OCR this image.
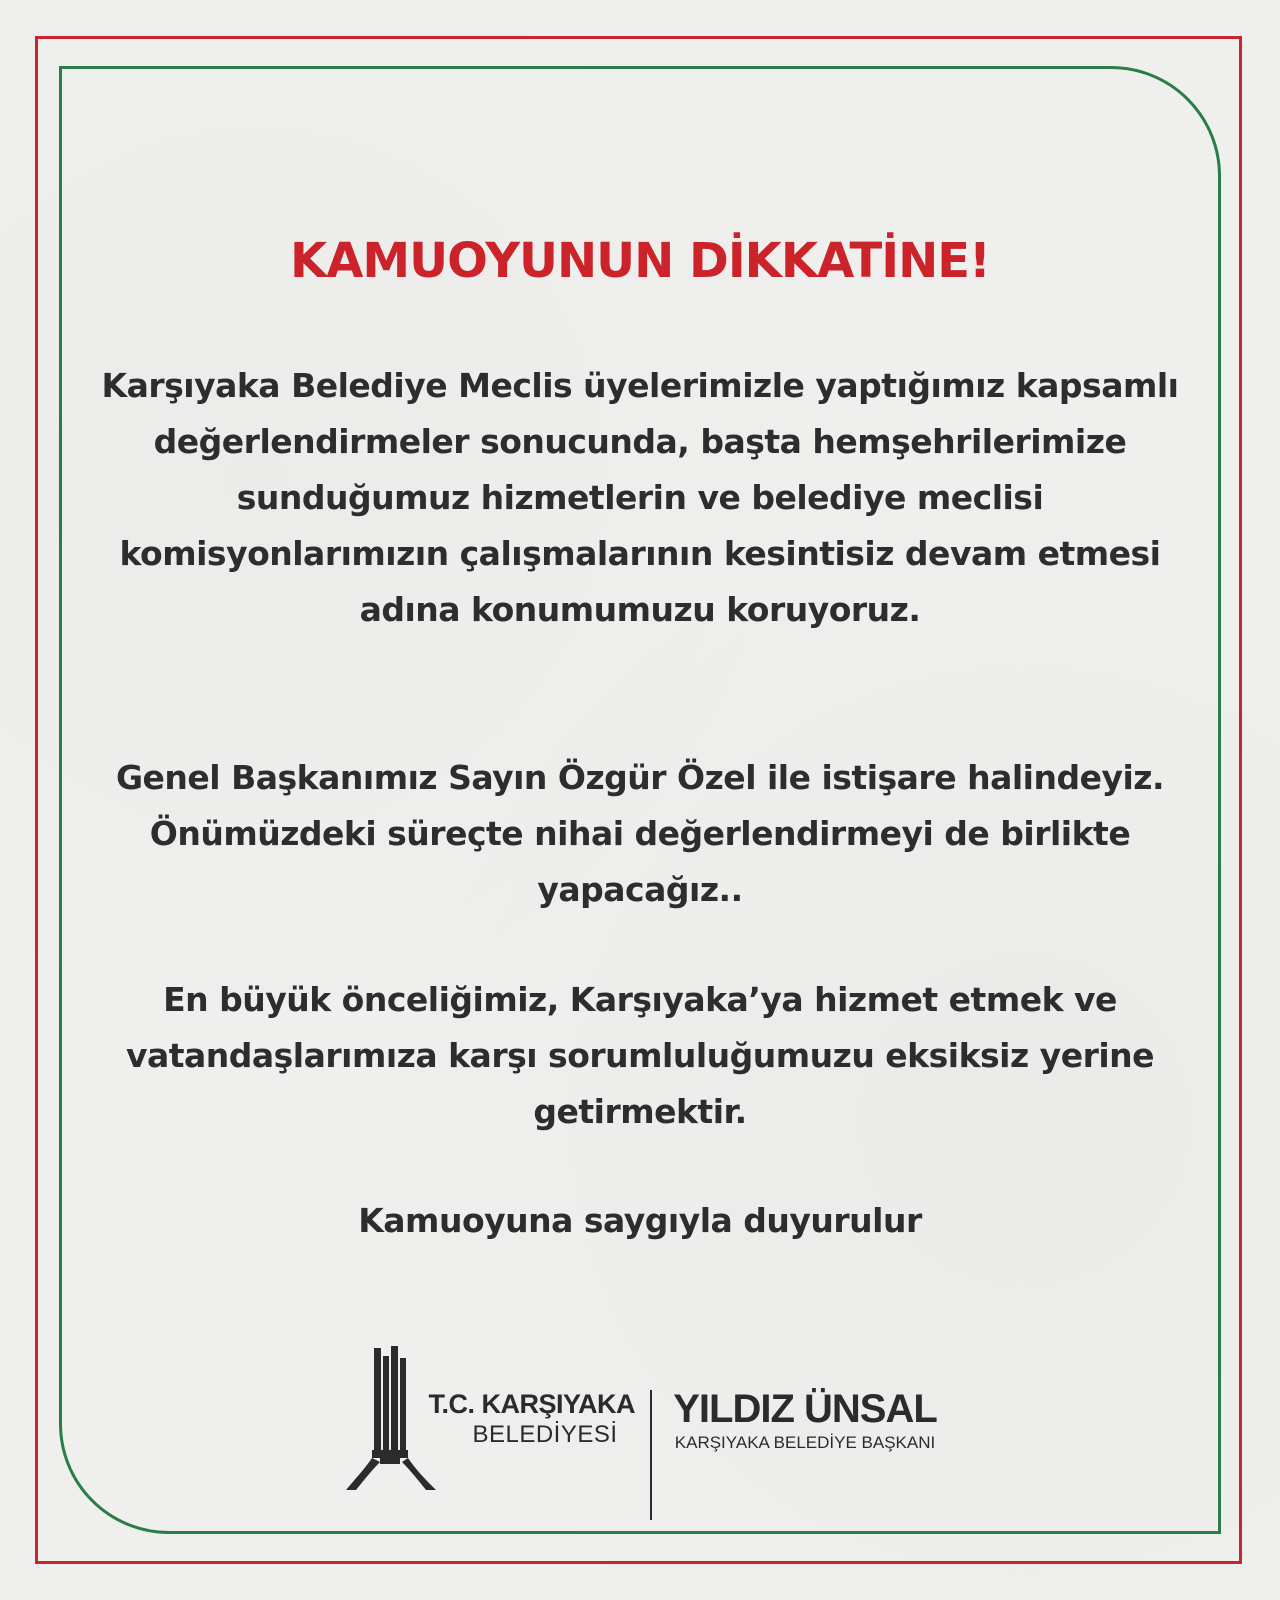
KAMUOYUNUN DİKKATİNE!

Karşıyaka Belediye Meclis üyelerimizle yaptığımız kapsamlı değerlendirmeler sonucunda, başta hemşehrilerimize sunduğumuz hizmetlerin ve belediye meclisi komisyonlarımızın çalışmalarının kesintisiz devam etmesi adına konumumuzu koruyoruz.

Genel Başkanımız Sayın Özgür Özel ile istişare halindeyiz. Önümüzdeki süreçte nihai değerlendirmeyi de birlikte yapacağız..

En büyük önceliğimiz, Karşıyaka’ya hizmet etmek ve vatandaşlarımıza karşı sorumluluğumuzu eksiksiz yerine getirmektir.

Kamuoyuna saygıyla duyurulur

T.C. KARŞIYAKA
BELEDİYESİ
YILDIZ ÜNSAL
KARŞIYAKA BELEDİYE BAŞKANI
